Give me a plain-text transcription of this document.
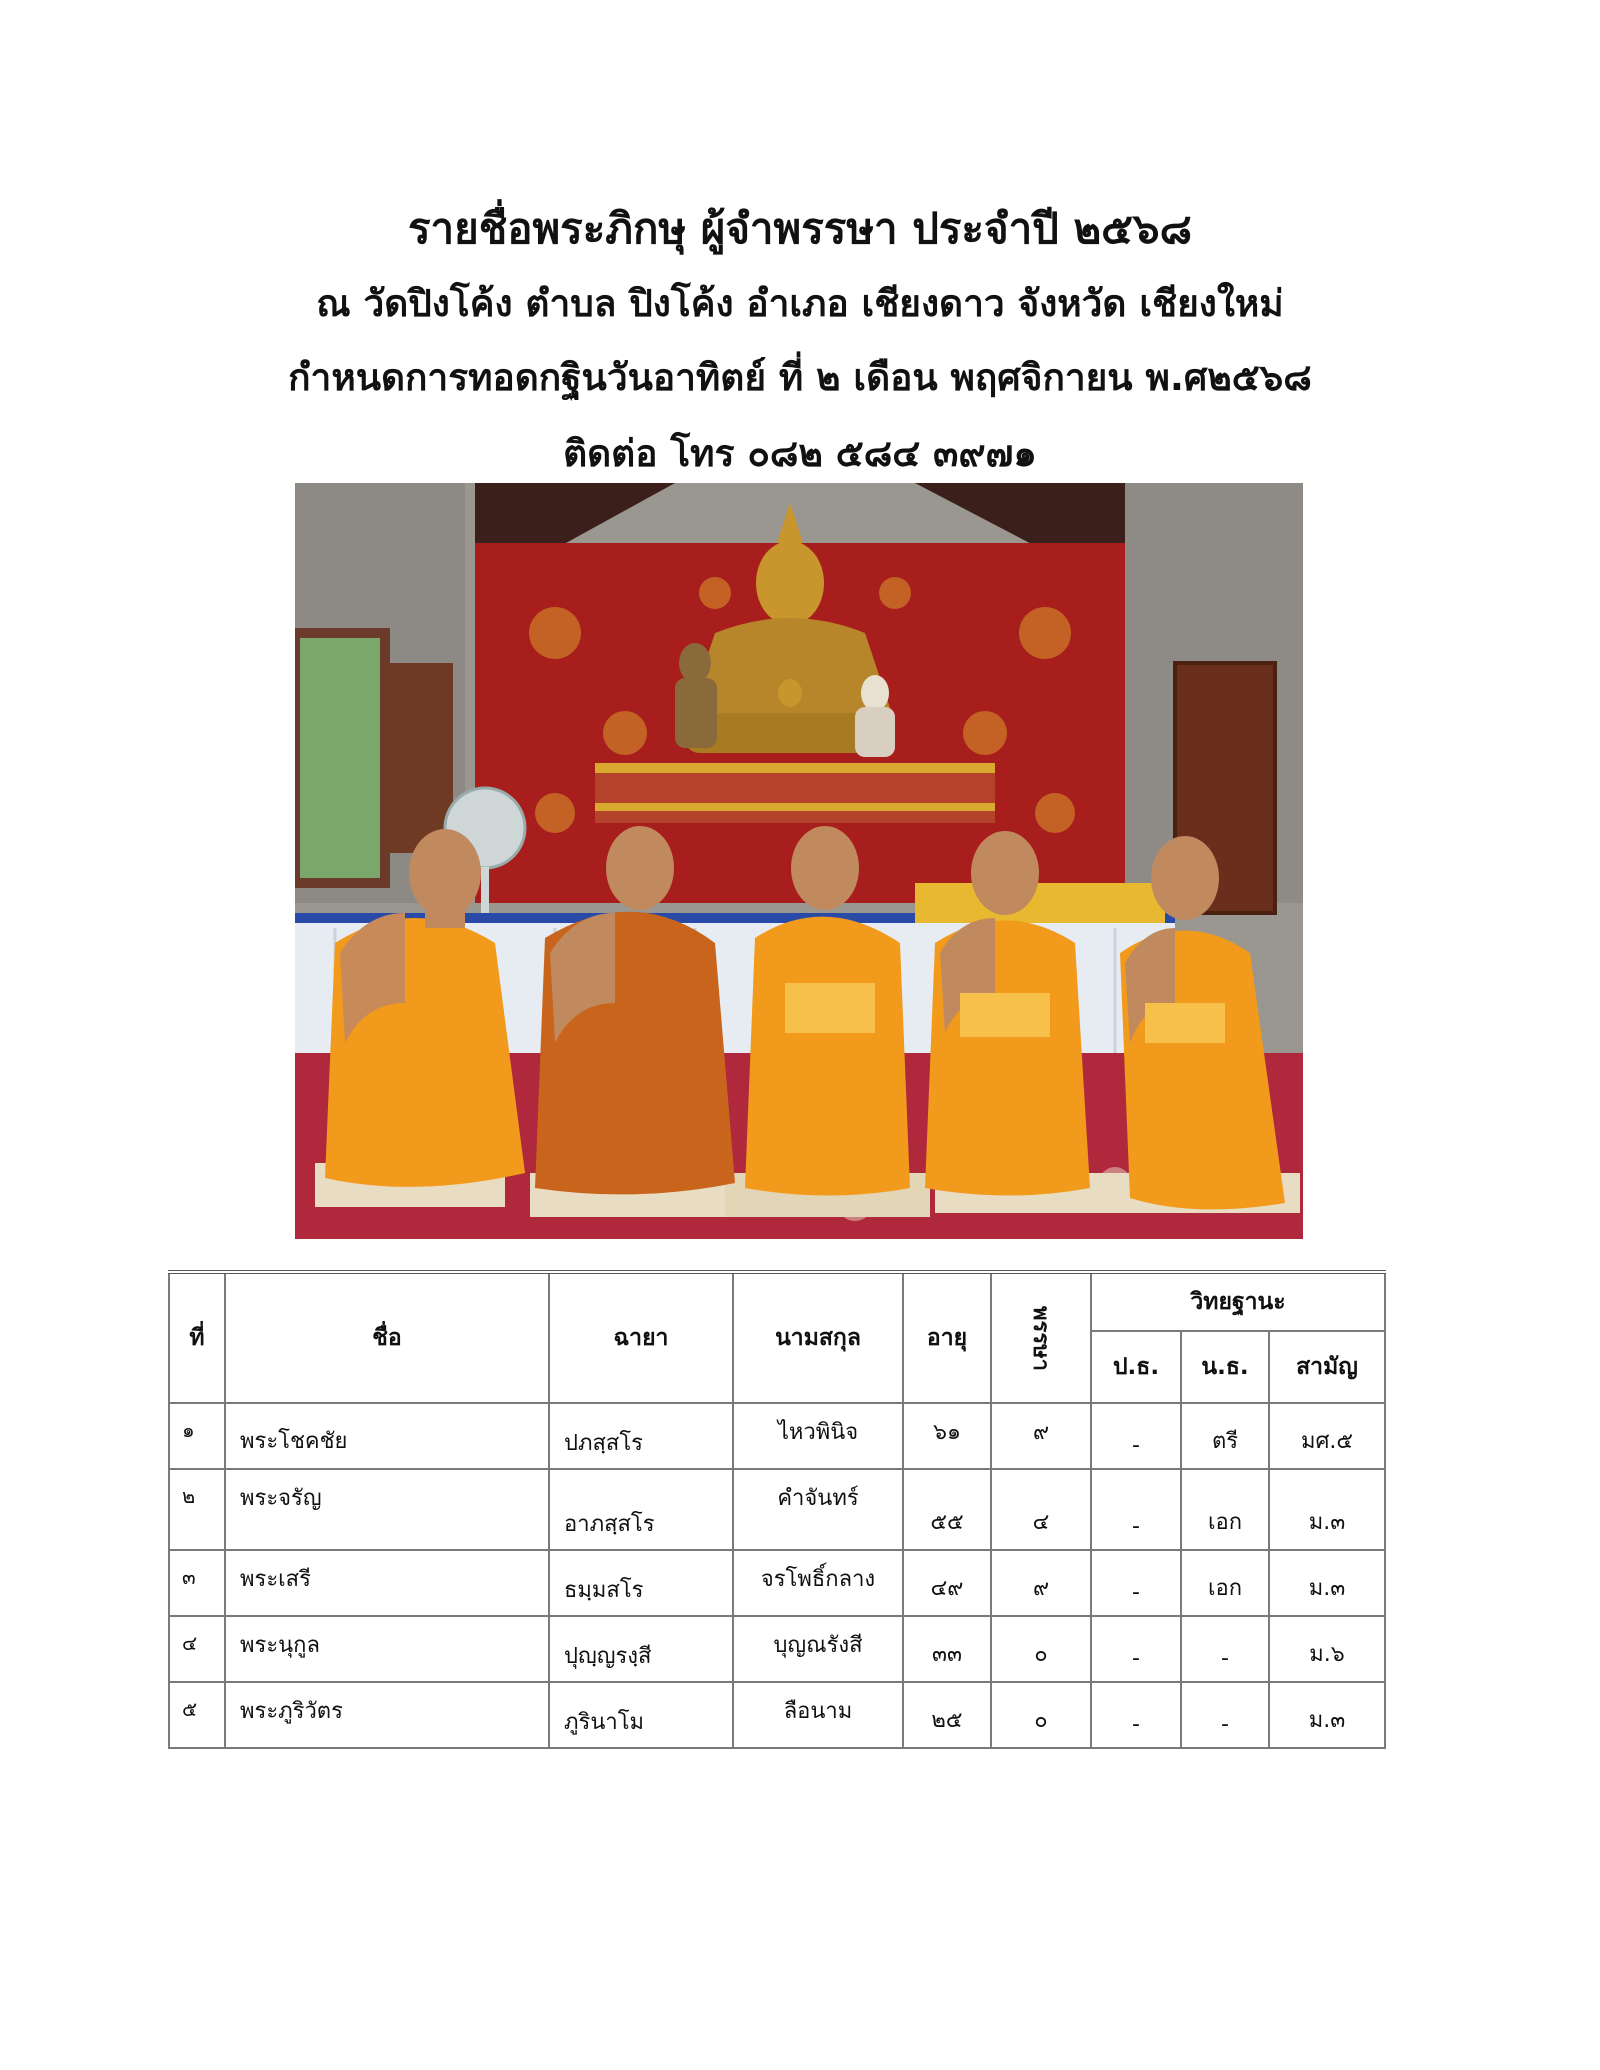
รายชื่อพระภิกษุ ผู้จำพรรษา ประจำปี ๒๕๖๘
ณ วัดปิงโค้ง ตำบล ปิงโค้ง อำเภอ เชียงดาว จังหวัด เชียงใหม่
กำหนดการทอดกฐินวันอาทิตย์ ที่ ๒ เดือน พฤศจิกายน พ.ศ๒๕๖๘
ติดต่อ โทร ๐๘๒ ๕๘๔ ๓๙๗๑
ที่	ชื่อ	ฉายา	นามสกุล	อายุ	พรรษา	วิทยฐานะ		
						ป.ธ.	น.ธ.	สามัญ

๑	พระโชคชัย	ปภสฺสโร	ไหวพินิจ	๖๑	๙	-	ตรี	มศ.๕

๒	พระจรัญ	อาภสฺสโร	คำจันทร์	๕๕	๔	-	เอก	ม.๓

๓	พระเสรี	ธมฺมสโร	จรโพธิ์กลาง	๔๙	๙	-	เอก	ม.๓

๔	พระนุกูล	ปุญฺญรงฺสี	บุญณรังสี	๓๓	๐	-	-	ม.๖

๕	พระภูริวัตร	ภูรินาโม	ลือนาม	๒๕	๐	-	-	ม.๓
